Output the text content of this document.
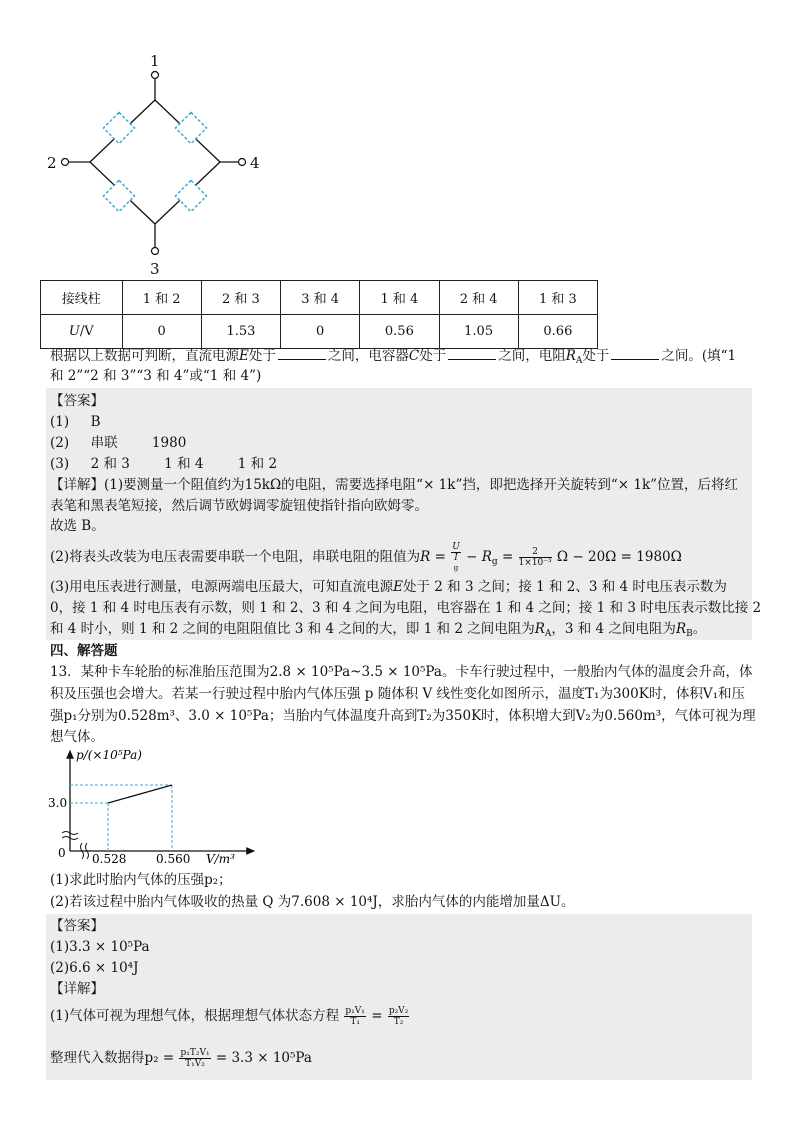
1
2	4
3
接线柱	1 和 2	2 和 3	3 和 4	1 和 4	2 和 4	1 和 3
U/V	0	1.53	0	0.56	1.05	0.66
根据以上数据可判断，直流电源E处于	之间，电容器C处于	之间，电阻$R_A$处于	之间。(填“1
和 2”“2 和 3”“3 和 4”或“1 和 4”)
【答案】
(1) B
(2) 串联        1980
(3) 2 和 3        1 和 4        1 和 2
【详解】(1)要测量一个阻值约为15kΩ的电阻，需要选择电阻“× 1k”挡，即把选择开关旋转到“× 1k”位置，后将红
表笔和黑表笔短接，然后调节欧姆调零旋钮使指针指向欧姆零。
故选 B。
(2)将表头改装为电压表需要串联一个电阻，串联电阻的阻值为R = U
I
$g - R_g = \frac{2}{\text{1×10⁻³}}$ Ω − 20Ω = 1980Ω
(3)用电压表进行测量，电源两端电压最大，可知直流电源E处于 2 和 3 之间；接 1 和 2、3 和 4 时电压表示数为
0，接 1 和 4 时电压表有示数，则 1 和 2、3 和 4 之间为电阻，电容器在 1 和 4 之间；接 1 和 3 时电压表示数比接 2
和 4 时小，则 1 和 2 之间的电阻阻值比 3 和 4 之间的大，即 1 和 2 之间电阻为$R_A$，3 和 4 之间电阻为$R_B$。
四、解答题
13．某种卡车轮胎的标准胎压范围为2.8 × 10⁵Pa~3.5 × 10⁵Pa。卡车行驶过程中，一般胎内气体的温度会升高，体
积及压强也会增大。若某一行驶过程中胎内气体压强 p 随体积 V 线性变化如图所示，温度T₁为300K时，体积V₁和压
强p₁分别为0.528m³、3.0 × 10⁵Pa；当胎内气体温度升高到T₂为350K时，体积增大到V₂为0.560m³，气体可视为理
想气体。
p/(×10⁵Pa)
V/m³
0
3.0
0.528 0.560
(1)求此时胎内气体的压强p₂；
(2)若该过程中胎内气体吸收的热量 Q 为7.608 × 10⁴J，求胎内气体的内能增加量ΔU。
【答案】
(1)3.3 × 10⁵Pa
(2)6.6 × 10⁴J
【详解】
(1)气体可视为理想气体，根据理想气体状态方程 $\frac{\text{p₁V₁}}{\text{T₁}} = \frac{\text{p₂V₂}}{\text{T₂}}$
整理代入数据得$p_2 = \frac{\text{p₁T₂V₁}}{\text{T₁V₂}} = 3.3 \times 10^5Pa$
